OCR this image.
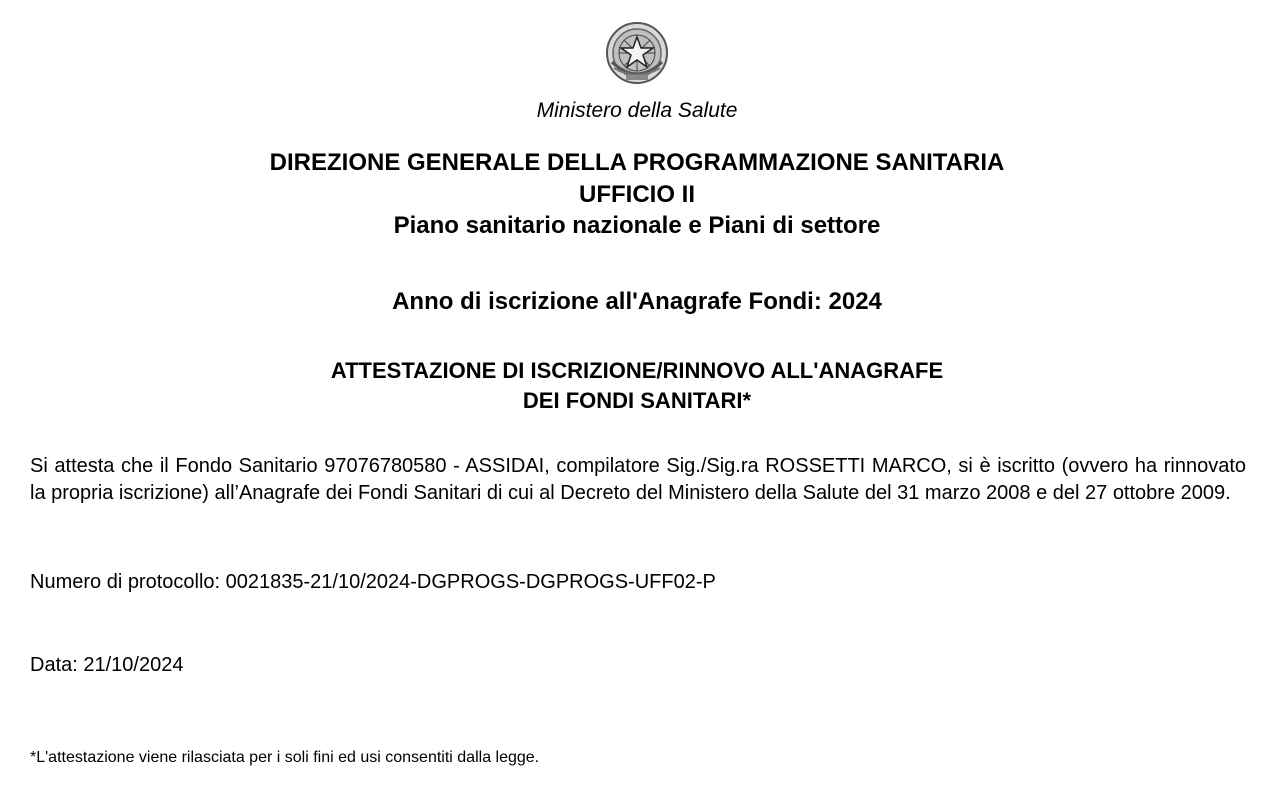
Ministero della Salute
DIREZIONE GENERALE DELLA PROGRAMMAZIONE SANITARIA
UFFICIO II
Piano sanitario nazionale e Piani di settore
Anno di iscrizione all'Anagrafe Fondi: 2024
ATTESTAZIONE DI ISCRIZIONE/RINNOVO ALL'ANAGRAFE
DEI FONDI SANITARI*
Si attesta che il Fondo Sanitario 97076780580 - ASSIDAI, compilatore Sig./Sig.ra ROSSETTI MARCO, si è iscritto (ovvero ha rinnovato la propria iscrizione) all’Anagrafe dei Fondi Sanitari di cui al Decreto del Ministero della Salute del 31 marzo 2008 e del 27 ottobre 2009.
Numero di protocollo: 0021835-21/10/2024-DGPROGS-DGPROGS-UFF02-P
Data: 21/10/2024
*L'attestazione viene rilasciata per i soli fini ed usi consentiti dalla legge.
